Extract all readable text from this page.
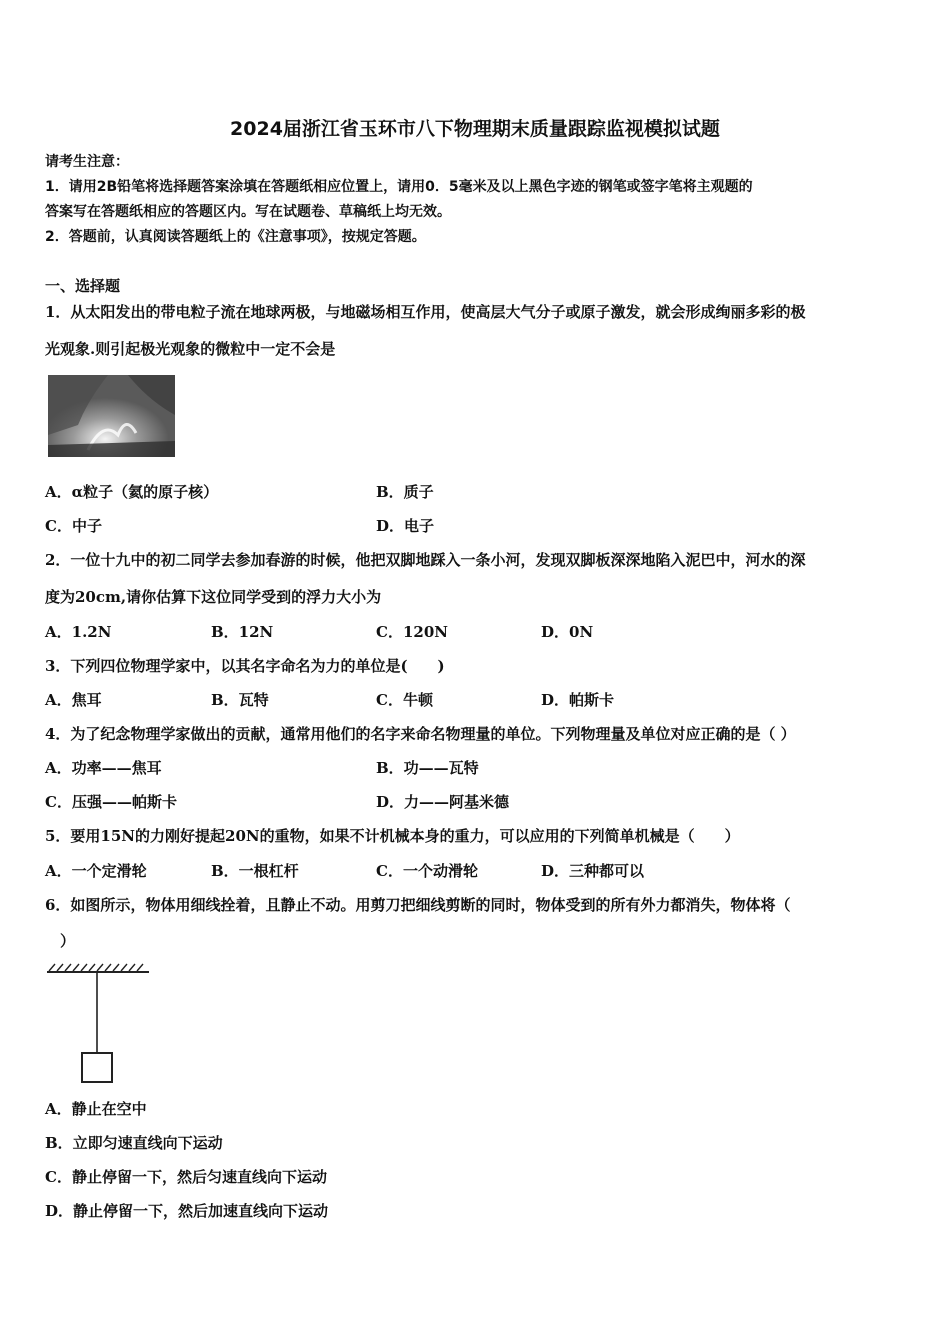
2024届浙江省玉环市八下物理期末质量跟踪监视模拟试题
请考生注意：
1．请用2B铅笔将选择题答案涂填在答题纸相应位置上，请用0．5毫米及以上黑色字迹的钢笔或签字笔将主观题的
答案写在答题纸相应的答题区内。写在试题卷、草稿纸上均无效。
2．答题前，认真阅读答题纸上的《注意事项》，按规定答题。
一、选择题
1．从太阳发出的带电粒子流在地球两极，与地磁场相互作用，使高层大气分子或原子激发，就会形成绚丽多彩的极
光观象.则引起极光观象的微粒中一定不会是
A．α粒子（氦的原子核）	B．质子
C．中子	D．电子
2．一位十九中的初二同学去参加春游的时候，他把双脚地踩入一条小河，发现双脚板深深地陷入泥巴中，河水的深
度为20cm,请你估算下这位同学受到的浮力大小为
A．1.2N	B．12N	C．120N	D．0N
3．下列四位物理学家中，以其名字命名为力的单位是(　　)
A．焦耳	B．瓦特	C．牛顿	D．帕斯卡
4．为了纪念物理学家做出的贡献，通常用他们的名字来命名物理量的单位。下列物理量及单位对应正确的是（ ）
A．功率——焦耳	B．功——瓦特
C．压强——帕斯卡	D．力——阿基米德
5．要用15N的力刚好提起20N的重物，如果不计机械本身的重力，可以应用的下列简单机械是（　　）
A．一个定滑轮	B．一根杠杆	C．一个动滑轮	D．三种都可以
6．如图所示，物体用细线拴着，且静止不动。用剪刀把细线剪断的同时，物体受到的所有外力都消失，物体将（
　）
A．静止在空中
B．立即匀速直线向下运动
C．静止停留一下，然后匀速直线向下运动
D．静止停留一下，然后加速直线向下运动
